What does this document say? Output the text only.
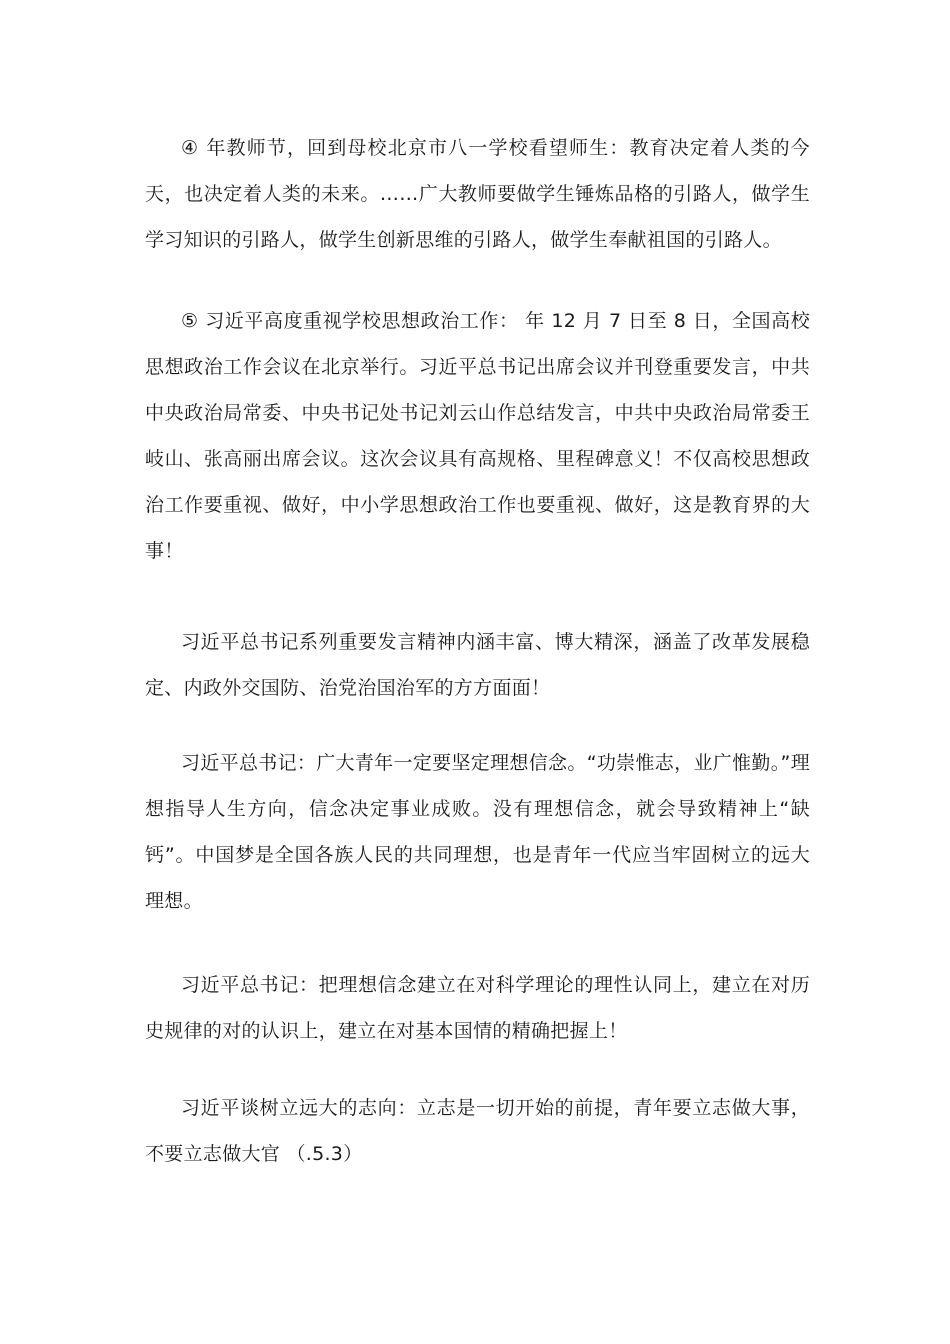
④ 年教师节，回到母校北京市八一学校看望师生：教育决定着人类的今天，也决定着人类的未来。……广大教师要做学生锤炼品格的引路人，做学生学习知识的引路人，做学生创新思维的引路人，做学生奉献祖国的引路人。

⑤ 习近平高度重视学校思想政治工作： 年 12 月 7 日至 8 日，全国高校思想政治工作会议在北京举行。习近平总书记出席会议并刊登重要发言，中共中央政治局常委、中央书记处书记刘云山作总结发言，中共中央政治局常委王岐山、张高丽出席会议。这次会议具有高规格、里程碑意义！不仅高校思想政治工作要重视、做好，中小学思想政治工作也要重视、做好，这是教育界的大事！

习近平总书记系列重要发言精神内涵丰富、博大精深，涵盖了改革发展稳定、内政外交国防、治党治国治军的方方面面！

习近平总书记：广大青年一定要坚定理想信念。“功崇惟志，业广惟勤。”理想指导人生方向，信念决定事业成败。没有理想信念，就会导致精神上“缺钙”。中国梦是全国各族人民的共同理想，也是青年一代应当牢固树立的远大理想。

习近平总书记：把理想信念建立在对科学理论的理性认同上，建立在对历史规律的对的认识上，建立在对基本国情的精确把握上！

习近平谈树立远大的志向：立志是一切开始的前提，青年要立志做大事，不要立志做大官 （.5.3）
